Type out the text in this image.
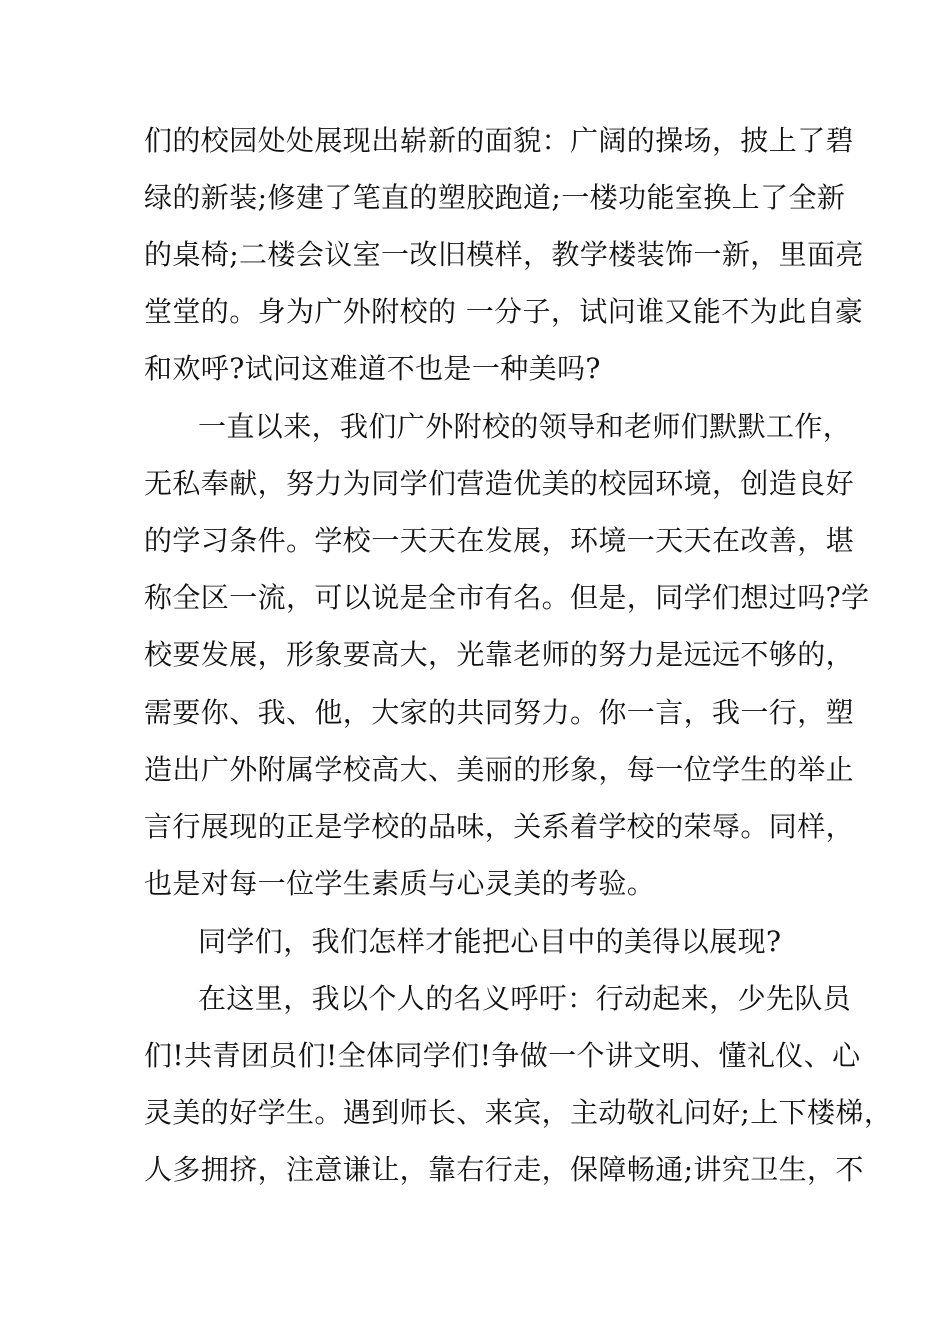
们的校园处处展现出崭新的面貌：广阔的操场，披上了碧
绿的新装;修建了笔直的塑胶跑道;一楼功能室换上了全新
的桌椅;二楼会议室一改旧模样，教学楼装饰一新，里面亮
堂堂的。身为广外附校的 一分子，试问谁又能不为此自豪
和欢呼?试问这难道不也是一种美吗?
一直以来，我们广外附校的领导和老师们默默工作，
无私奉献，努力为同学们营造优美的校园环境，创造良好
的学习条件。学校一天天在发展，环境一天天在改善，堪
称全区一流，可以说是全市有名。但是，同学们想过吗?学
校要发展，形象要高大，光靠老师的努力是远远不够的，
需要你、我、他，大家的共同努力。你一言，我一行，塑
造出广外附属学校高大、美丽的形象，每一位学生的举止
言行展现的正是学校的品味，关系着学校的荣辱。同样，
也是对每一位学生素质与心灵美的考验。
同学们，我们怎样才能把心目中的美得以展现?
在这里，我以个人的名义呼吁：行动起来，少先队员
们!共青团员们!全体同学们!争做一个讲文明、懂礼仪、心
灵美的好学生。遇到师长、来宾，主动敬礼问好;上下楼梯，
人多拥挤，注意谦让，靠右行走，保障畅通;讲究卫生，不
